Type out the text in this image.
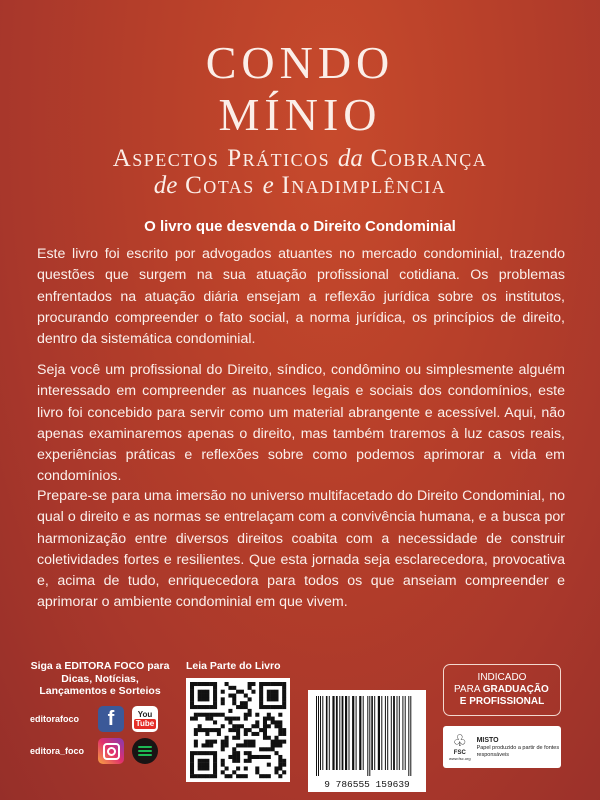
CONDO
MÍNIO
Aspectos Práticos da Cobrança
de Cotas e Inadimplência
O livro que desvenda o Direito Condominial
Este livro foi escrito por advogados atuantes no mercado condominial, trazendo questões que surgem na sua atuação profissional cotidiana. Os problemas enfrentados na atuação diária ensejam a reflexão jurídica sobre os institutos, procurando compreender o fato social, a norma jurídica, os princípios de direito, dentro da sistemática condominial.
Seja você um profissional do Direito, síndico, condômino ou simplesmente alguém interessado em compreender as nuances legais e sociais dos condomínios, este livro foi concebido para servir como um material abrangente e acessível. Aqui, não apenas examinaremos apenas o direito, mas também traremos à luz casos reais, experiências práticas e reflexões sobre como podemos aprimorar a vida em condomínios.
Prepare-se para uma imersão no universo multifacetado do Direito Condominial, no qual o direito e as normas se entrelaçam com a convivência humana, e a busca por harmonização entre diversos direitos coabita com a necessidade de construir coletividades fortes e resilientes. Que esta jornada seja esclarecedora, provocativa e, acima de tudo, enriquecedora para todos os que anseiam compreender e aprimorar o ambiente condominial em que vivem.
Siga a EDITORA FOCO para Dicas, Notícias, Lançamentos e Sorteios
editorafoco	f	You
Tube
editora_foco
Leia Parte do Livro
9 786555 159639
INDICADO
PARA GRADUAÇÃO
E PROFISSIONAL
♧
FSC
www.fsc.org
MISTO
Papel produzido a partir de fontes responsáveis
